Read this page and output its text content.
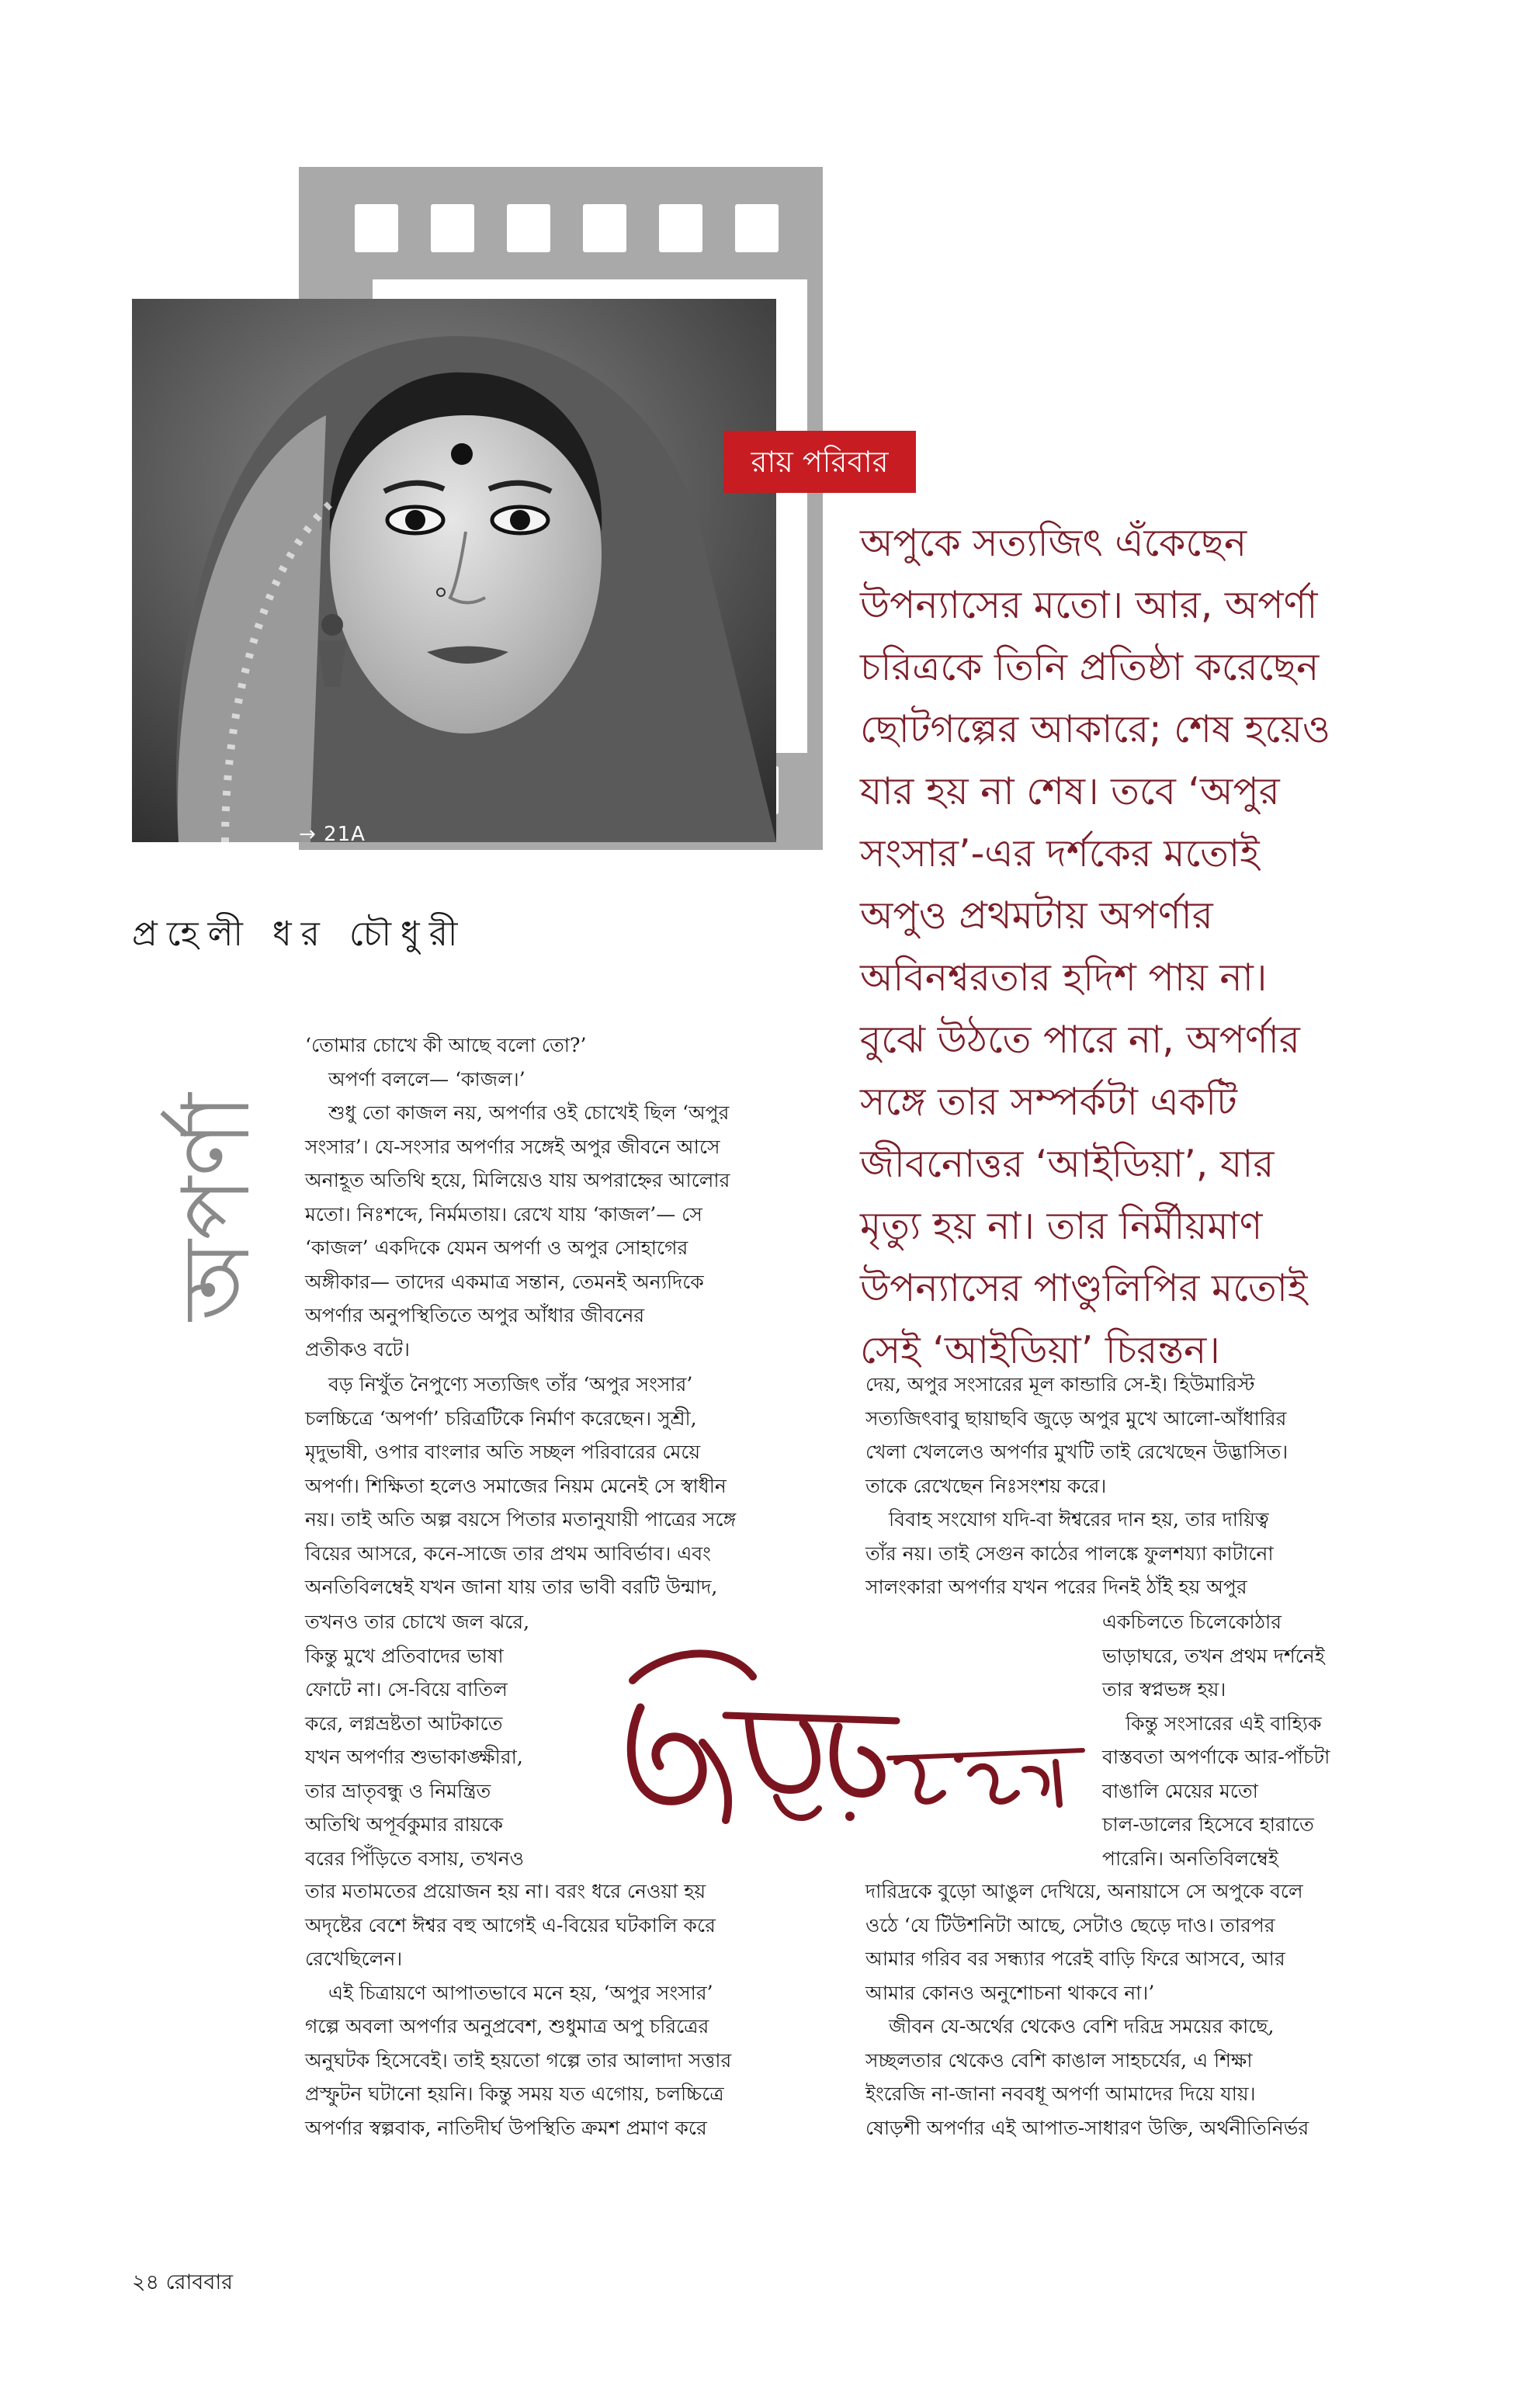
→ 21A
রায় পরিবার
অপুকে সত্যজিৎ এঁকেছেন
উপন্যাসের মতো। আর, অপর্ণা
চরিত্রকে তিনি প্রতিষ্ঠা করেছেন
ছোটগল্পের আকারে; শেষ হয়েও
যার হয় না শেষ। তবে ‘অপুর
সংসার’-এর দর্শকের মতোই
অপুও প্রথমটায় অপর্ণার
অবিনশ্বরতার হদিশ পায় না।
বুঝে উঠতে পারে না, অপর্ণার
সঙ্গে তার সম্পর্কটা একটি
জীবনোত্তর ‘আইডিয়া’, যার
মৃত্যু হয় না। তার নির্মীয়মাণ
উপন্যাসের পাণ্ডুলিপির মতোই
সেই ‘আইডিয়া’ চিরন্তন।
প্রহেলী ধর চৌধুরী
অপর্ণা

‘তোমার চোখে কী আছে বলো তো?’

অপর্ণা বললে— ‘কাজল।’

শুধু তো কাজল নয়, অপর্ণার ওই চোখেই ছিল ‘অপুর

সংসার’। যে-সংসার অপর্ণার সঙ্গেই অপুর জীবনে আসে

অনাহূত অতিথি হয়ে, মিলিয়েও যায় অপরাহ্নের আলোর

মতো। নিঃশব্দে, নির্মমতায়। রেখে যায় ‘কাজল’— সে

‘কাজল’ একদিকে যেমন অপর্ণা ও অপুর সোহাগের

অঙ্গীকার— তাদের একমাত্র সন্তান, তেমনই অন্যদিকে

অপর্ণার অনুপস্থিতিতে অপুর আঁধার জীবনের

প্রতীকও বটে।

বড় নিখুঁত নৈপুণ্যে সত্যজিৎ তাঁর ‘অপুর সংসার’

চলচ্চিত্রে ‘অপর্ণা’ চরিত্রটিকে নির্মাণ করেছেন। সুশ্রী,

মৃদুভাষী, ওপার বাংলার অতি সচ্ছল পরিবারের মেয়ে

অপর্ণা। শিক্ষিতা হলেও সমাজের নিয়ম মেনেই সে স্বাধীন

নয়। তাই অতি অল্প বয়সে পিতার মতানুযায়ী পাত্রের সঙ্গে

বিয়ের আসরে, কনে-সাজে তার প্রথম আবির্ভাব। এবং

অনতিবিলম্বেই যখন জানা যায় তার ভাবী বরটি উন্মাদ,

তখনও তার চোখে জল ঝরে,

কিন্তু মুখে প্রতিবাদের ভাষা

ফোটে না। সে-বিয়ে বাতিল

করে, লগ্নভ্রষ্টতা আটকাতে

যখন অপর্ণার শুভাকাঙ্ক্ষীরা,

তার ভ্রাতৃবন্ধু ও নিমন্ত্রিত

অতিথি অপূর্বকুমার রায়কে

বরের পিঁড়িতে বসায়, তখনও

তার মতামতের প্রয়োজন হয় না। বরং ধরে নেওয়া হয়

অদৃষ্টের বেশে ঈশ্বর বহু আগেই এ-বিয়ের ঘটকালি করে

রেখেছিলেন।

এই চিত্রায়ণে আপাতভাবে মনে হয়, ‘অপুর সংসার’

গল্পে অবলা অপর্ণার অনুপ্রবেশ, শুধুমাত্র অপু চরিত্রের

অনুঘটক হিসেবেই। তাই হয়তো গল্পে তার আলাদা সত্তার

প্রস্ফুটন ঘটানো হয়নি। কিন্তু সময় যত এগোয়, চলচ্চিত্রে

অপর্ণার স্বল্পবাক, নাতিদীর্ঘ উপস্থিতি ক্রমশ প্রমাণ করে

দেয়, অপুর সংসারের মূল কান্ডারি সে-ই। হিউমারিস্ট

সত্যজিৎবাবু ছায়াছবি জুড়ে অপুর মুখে আলো-আঁধারির

খেলা খেললেও অপর্ণার মুখটি তাই রেখেছেন উদ্ভাসিত।

তাকে রেখেছেন নিঃসংশয় করে।

বিবাহ সংযোগ যদি-বা ঈশ্বরের দান হয়, তার দায়িত্ব

তাঁর নয়। তাই সেগুন কাঠের পালঙ্কে ফুলশয্যা কাটানো

সালংকারা অপর্ণার যখন পরের দিনই ঠাঁই হয় অপুর

একচিলতে চিলেকোঠার

ভাড়াঘরে, তখন প্রথম দর্শনেই

তার স্বপ্নভঙ্গ হয়।

কিন্তু সংসারের এই বাহ্যিক

বাস্তবতা অপর্ণাকে আর-পাঁচটা

বাঙালি মেয়ের মতো

চাল-ডালের হিসেবে হারাতে

পারেনি। অনতিবিলম্বেই

দারিদ্রকে বুড়ো আঙুল দেখিয়ে, অনায়াসে সে অপুকে বলে

ওঠে ‘যে টিউশনিটা আছে, সেটাও ছেড়ে দাও। তারপর

আমার গরিব বর সন্ধ্যার পরেই বাড়ি ফিরে আসবে, আর

আমার কোনও অনুশোচনা থাকবে না।’

জীবন যে-অর্থের থেকেও বেশি দরিদ্র সময়ের কাছে,

সচ্ছলতার থেকেও বেশি কাঙাল সাহচর্যের, এ শিক্ষা

ইংরেজি না-জানা নববধূ অপর্ণা আমাদের দিয়ে যায়।

ষোড়শী অপর্ণার এই আপাত-সাধারণ উক্তি, অর্থনীতিনির্ভর

২৪ রোববার
